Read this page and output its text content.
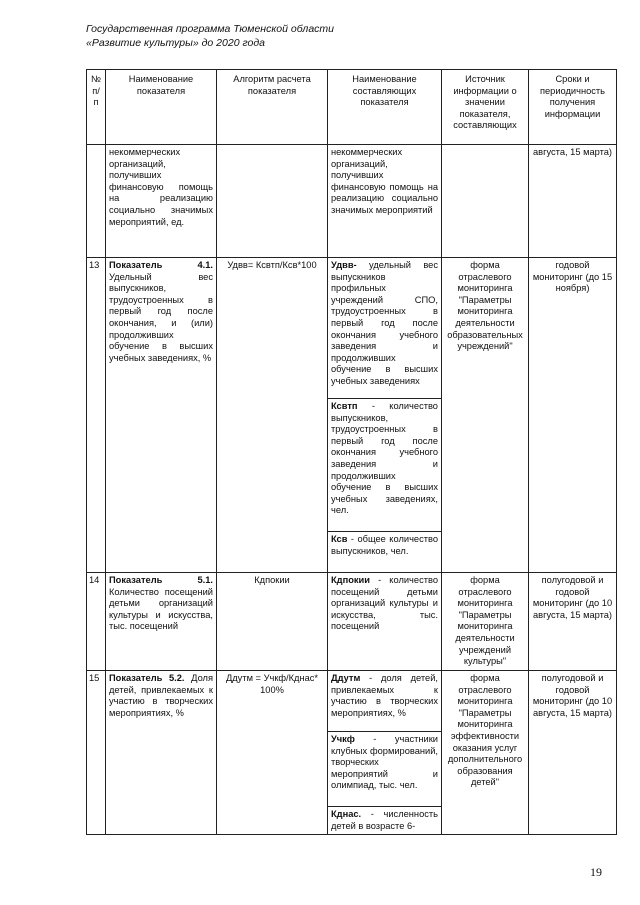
Государственная программа Тюменской области
«Развитие культуры» до 2020 года
№ п/п	Наименование показателя	Алгоритм расчета показателя	Наименование составляющих показателя	Источник информации о значении показателя, составляющих	Сроки и периодичность получения информации
	некоммерческих организаций, получивших финансовую помощь на реализацию социально значимых мероприятий, ед.		некоммерческих организаций, получивших финансовую помощь на реализацию социально значимых мероприятий		августа, 15 марта)
13	Показатель 4.1. Удельный вес выпускников, трудоустроенных в первый год после окончания, и (или) продолживших обучение в высших учебных заведениях, %	Удвв= Ксвтп/Ксв*100	Удвв- удельный вес выпускников профильных учреждений СПО, трудоустроенных в первый год после окончания учебного заведения и продолживших обучение в высших учебных заведениях	форма отраслевого мониторинга "Параметры мониторинга деятельности образовательных учреждений"	годовой мониторинг (до 15 ноября)
			Ксвтп - количество выпускников, трудоустроенных в первый год после окончания учебного заведения и продолживших обучение в высших учебных заведениях, чел.		
			Ксв - общее количество выпускников, чел.		
14	Показатель 5.1. Количество посещений детьми организаций культуры и искусства, тыс. посещений	Кдпокии	Кдпокии - количество посещений детьми организаций культуры и искусства, тыс. посещений	форма отраслевого мониторинга "Параметры мониторинга деятельности учреждений культуры"	полугодовой и годовой мониторинг (до 10 августа, 15 марта)
15	Показатель 5.2. Доля детей, привлекаемых к участию в творческих мероприятиях, %	Ддутм = Учкф/Кднас* 100%	Ддутм - доля детей, привлекаемых к участию в творческих мероприятиях, %	форма отраслевого мониторинга "Параметры мониторинга эффективности оказания услуг дополнительного образования детей"	полугодовой и годовой мониторинг (до 10 августа, 15 марта)
			Учкф - участники клубных формирований, творческих мероприятий и олимпиад, тыс. чел.		
			Кднас. - численность детей в возрасте 6-		
19
